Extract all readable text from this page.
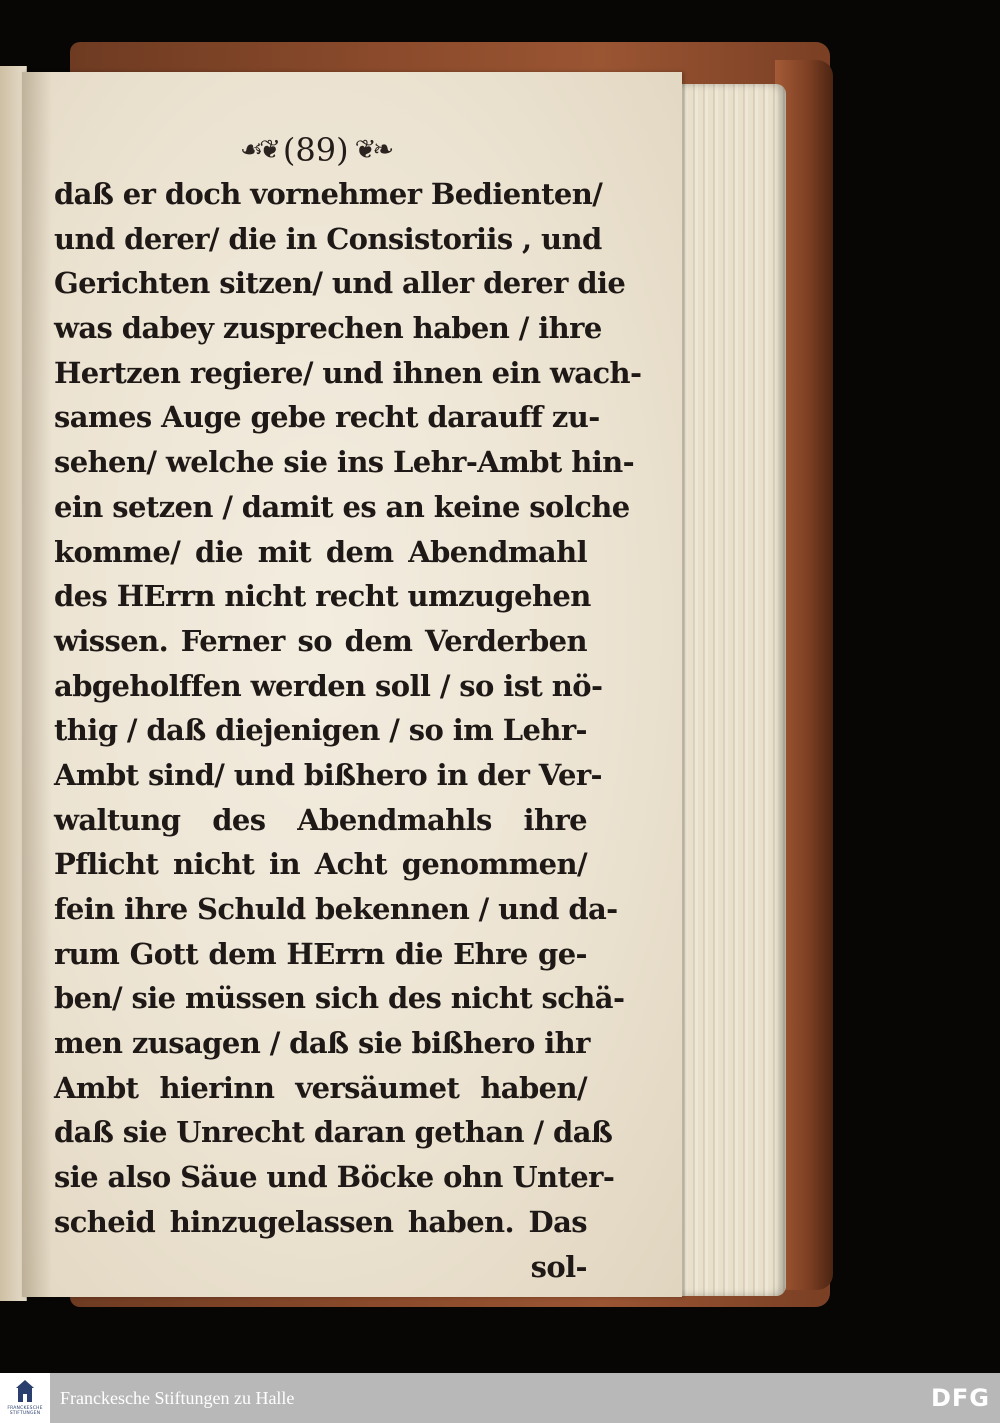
☙❦ (89) ❦❧
daß er doch vornehmer Bedienten/
und derer/ die in Consistoriis , und
Gerichten sitzen/ und aller derer die
was dabey zusprechen haben / ihre
Hertzen regiere/ und ihnen ein wach-
sames Auge gebe recht darauff zu-
sehen/ welche sie ins Lehr-Ambt hin-
ein setzen / damit es an keine solche
komme/ die mit dem Abendmahl
des HErrn nicht recht umzugehen
wissen. Ferner so dem Verderben
abgeholffen werden soll / so ist nö-
thig / daß diejenigen / so im Lehr-
Ambt sind/ und bißhero in der Ver-
waltung des Abendmahls ihre
Pflicht nicht in Acht genommen/
fein ihre Schuld bekennen / und da-
rum Gott dem HErrn die Ehre ge-
ben/ sie müssen sich des nicht schä-
men zusagen / daß sie bißhero ihr
Ambt hierinn versäumet haben/
daß sie Unrecht daran gethan / daß
sie also Säue und Böcke ohn Unter-
scheid hinzugelassen haben. Das
sol-
FRANCKESCHE
STIFTUNGEN
Franckesche Stiftungen zu Halle	DFG
